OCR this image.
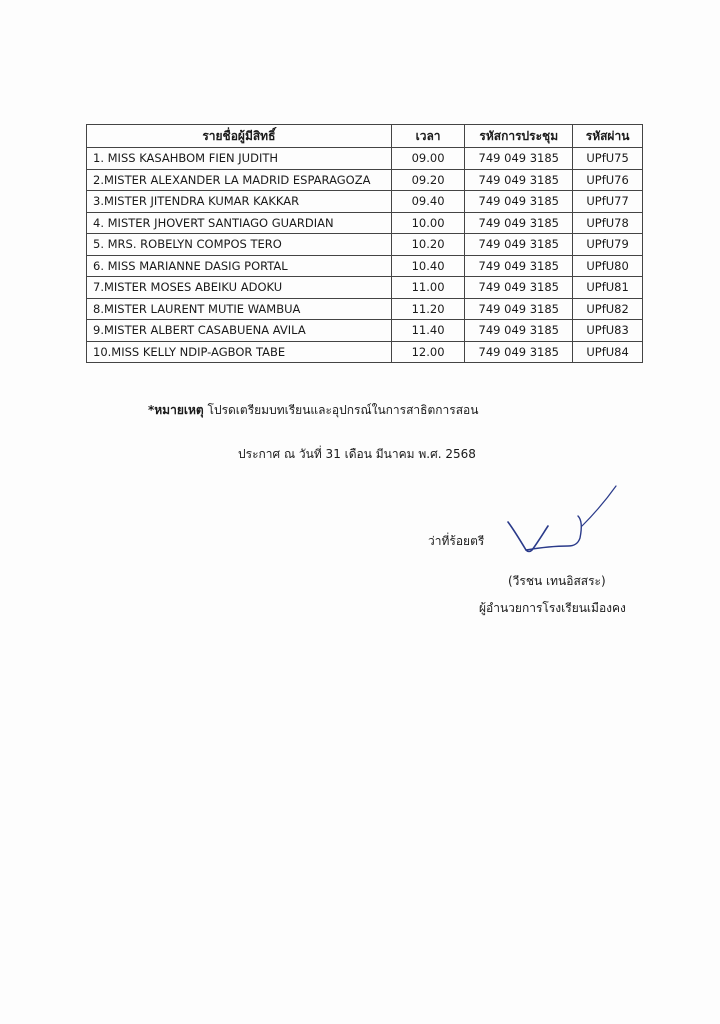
รายชื่อผู้มีสิทธิ์	เวลา	รหัสการประชุม	รหัสผ่าน
1. MISS KASAHBOM FIEN JUDITH	09.00	749 049 3185	UPfU75
2.MISTER ALEXANDER LA MADRID ESPARAGOZA	09.20	749 049 3185	UPfU76
3.MISTER JITENDRA KUMAR KAKKAR	09.40	749 049 3185	UPfU77
4. MISTER JHOVERT SANTIAGO GUARDIAN	10.00	749 049 3185	UPfU78
5. MRS. ROBELYN COMPOS TERO	10.20	749 049 3185	UPfU79
6. MISS MARIANNE DASIG PORTAL	10.40	749 049 3185	UPfU80
7.MISTER MOSES ABEIKU ADOKU	11.00	749 049 3185	UPfU81
8.MISTER LAURENT MUTIE WAMBUA	11.20	749 049 3185	UPfU82
9.MISTER ALBERT CASABUENA AVILA	11.40	749 049 3185	UPfU83
10.MISS KELLY NDIP-AGBOR TABE	12.00	749 049 3185	UPfU84
*หมายเหตุ โปรดเตรียมบทเรียนและอุปกรณ์ในการสาธิตการสอน
ประกาศ ณ วันที่ 31 เดือน มีนาคม พ.ศ. 2568
ว่าที่ร้อยตรี
(วีรชน เทนอิสสระ)
ผู้อำนวยการโรงเรียนเมืองคง
